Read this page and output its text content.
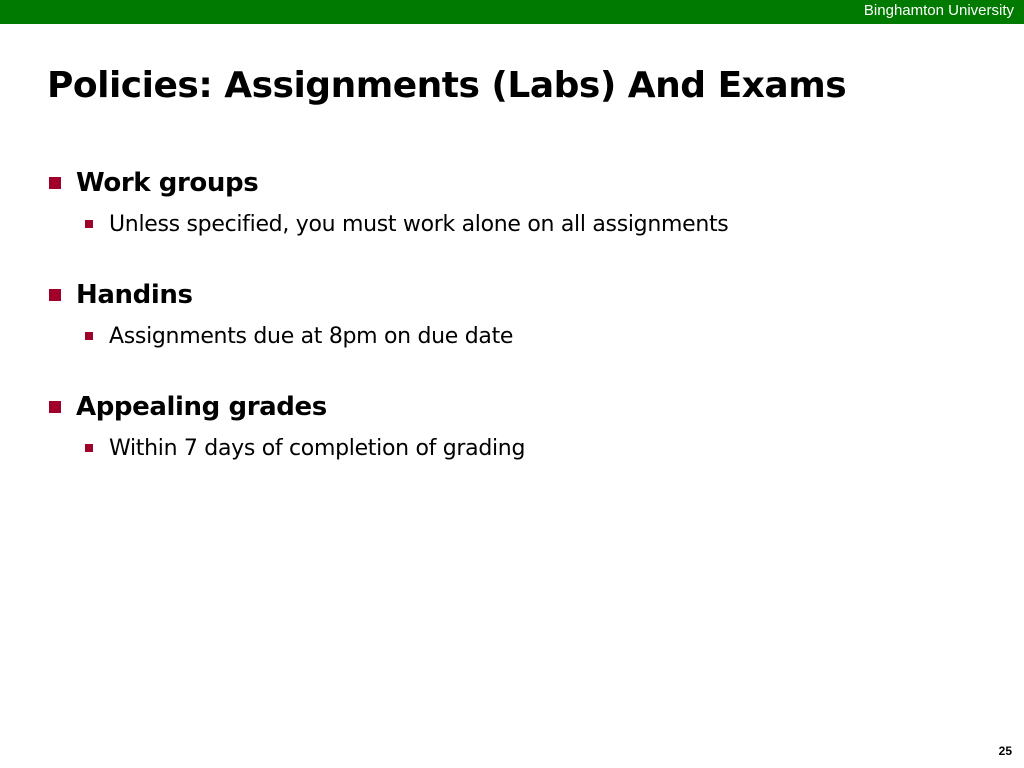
Binghamton University
Policies: Assignments (Labs) And Exams
Work groups
Unless specified, you must work alone on all assignments
Handins
Assignments due at 8pm on due date
Appealing grades
Within 7 days of completion of grading
25
